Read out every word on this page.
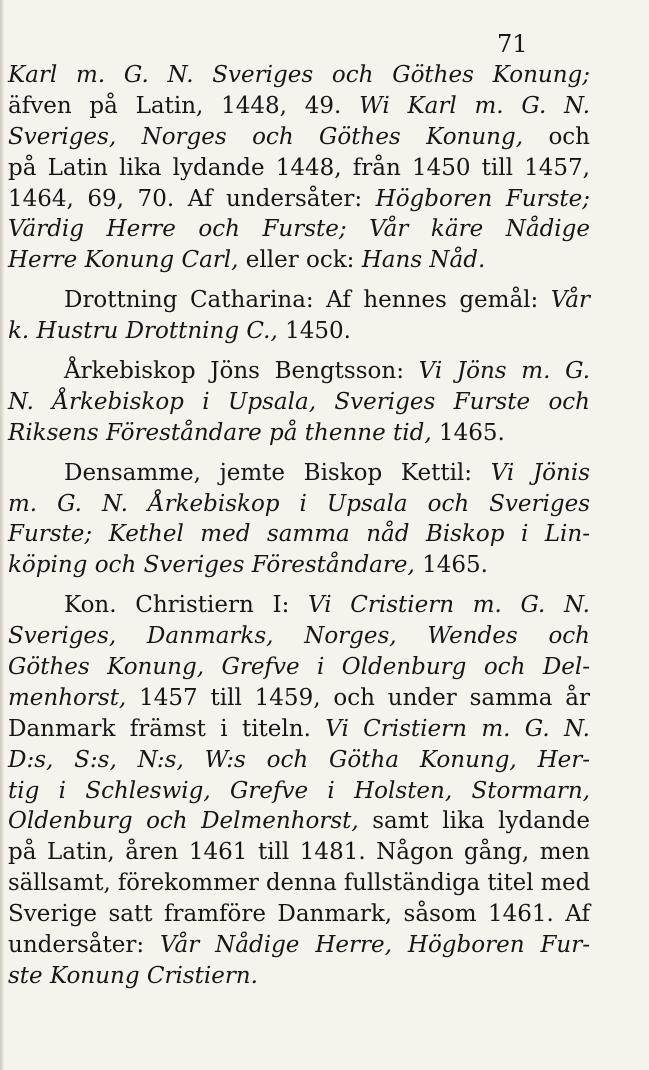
71
Karl m. G. N. Sveriges och Göthes Konung;
äfven på Latin, 1448, 49. Wi Karl m. G. N.
Sveriges, Norges och Göthes Konung, och
på Latin lika lydande 1448, från 1450 till 1457,
1464, 69, 70. Af undersåter: Högboren Furste;
Värdig Herre och Furste; Vår käre Nådige
Herre Konung Carl, eller ock: Hans Nåd.
Drottning Catharina: Af hennes gemål: Vår
k. Hustru Drottning C., 1450.
Årkebiskop Jöns Bengtsson: Vi Jöns m. G.
N. Årkebiskop i Upsala, Sveriges Furste och
Riksens Föreståndare på thenne tid, 1465.
Densamme, jemte Biskop Kettil: Vi Jönis
m. G. N. Årkebiskop i Upsala och Sveriges
Furste; Kethel med samma nåd Biskop i Lin-
köping och Sveriges Föreståndare, 1465.
Kon. Christiern I: Vi Cristiern m. G. N.
Sveriges, Danmarks, Norges, Wendes och
Göthes Konung, Grefve i Oldenburg och Del-
menhorst, 1457 till 1459, och under samma år
Danmark främst i titeln. Vi Cristiern m. G. N.
D:s, S:s, N:s, W:s och Götha Konung, Her-
tig i Schleswig, Grefve i Holsten, Stormarn,
Oldenburg och Delmenhorst, samt lika lydande
på Latin, åren 1461 till 1481. Någon gång, men
sällsamt, förekommer denna fullständiga titel med
Sverige satt framföre Danmark, såsom 1461. Af
undersåter: Vår Nådige Herre, Högboren Fur-
ste Konung Cristiern.
